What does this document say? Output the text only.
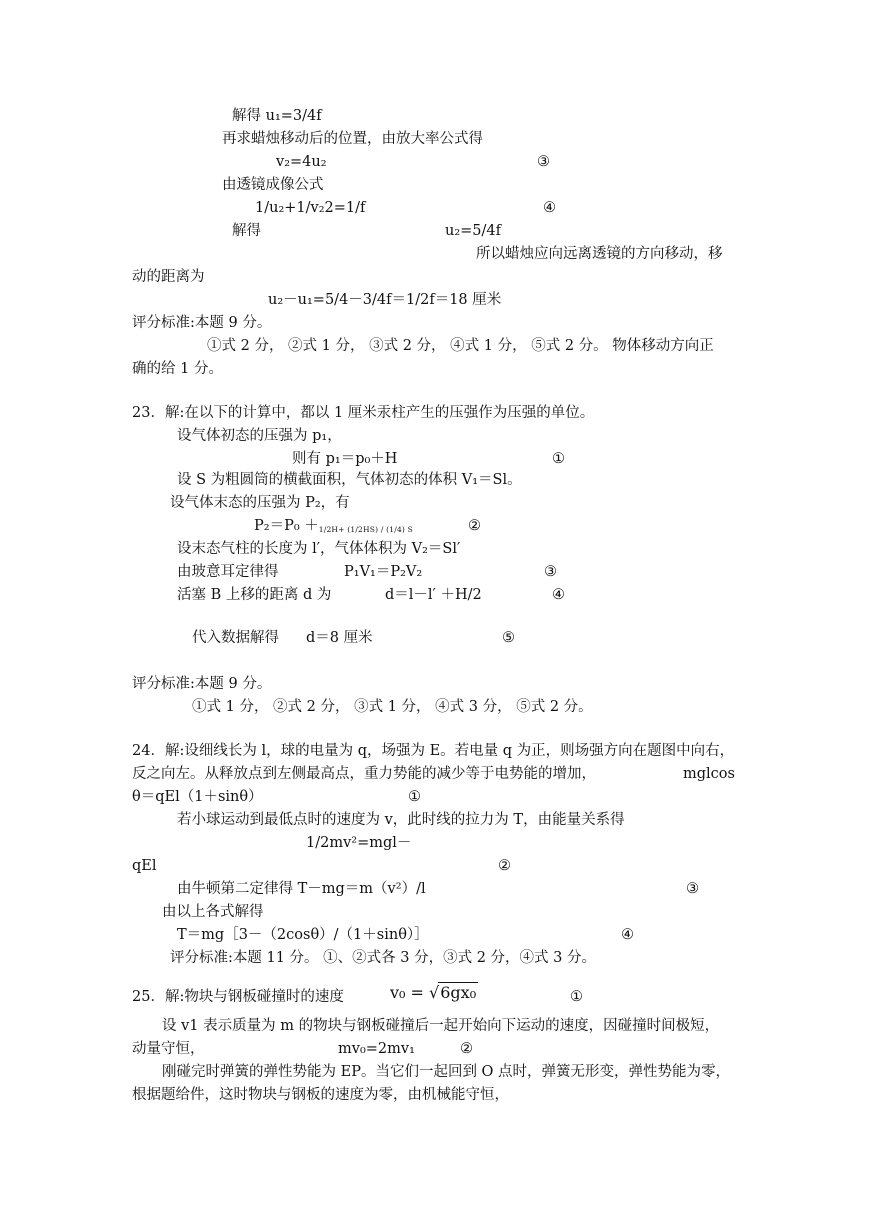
解得 u₁=3/4f
再求蜡烛移动后的位置，由放大率公式得
v₂=4u₂	③
由透镜成像公式
1/u₂+1/v₂2=1/f	④
解得	u₂=5/4f
所以蜡烛应向远离透镜的方向移动，移
动的距离为
u₂－u₁=5/4－3/4f＝1/2f＝18 厘米
评分标准:本题 9 分。
①式 2 分， ②式 1 分， ③式 2 分， ④式 1 分， ⑤式 2 分。 物体移动方向正
确的给 1 分。
23．解:在以下的计算中，都以 1 厘米汞柱产生的压强作为压强的单位。
设气体初态的压强为 p₁，
则有 p₁＝p₀＋H	①
设 S 为粗圆筒的横截面积，气体初态的体积 V₁＝Sl。
设气体末态的压强为 P₂，有
P₂＝P₀ ＋1/2H+ (1/2HS) / (1/4) S	②
设末态气柱的长度为 l′，气体体积为 V₂＝Sl′
由玻意耳定律得	P₁V₁＝P₂V₂	③
活塞 B 上移的距离 d 为	d＝l－l′ ＋H/2	④
代入数据解得 d＝8 厘米	⑤
评分标准:本题 9 分。
①式 1 分， ②式 2 分， ③式 1 分， ④式 3 分， ⑤式 2 分。
24．解:设细线长为 l，球的电量为 q，场强为 E。若电量 q 为正，则场强方向在题图中向右，
反之向左。从释放点到左侧最高点，重力势能的减少等于电势能的增加，	mglcos
θ＝qEl（1＋sinθ）	①
若小球运动到最低点时的速度为 v，此时线的拉力为 T，由能量关系得
1/2mv²=mgl－
qEl	②
由牛顿第二定律得 T－mg＝m（v²）/l	③
由以上各式解得
T＝mg［3－（2cosθ）/（1＋sinθ）］	④
评分标准:本题 11 分。 ①、②式各 3 分，③式 2 分，④式 3 分。
25．解:物块与钢板碰撞时的速度	v₀ = √6gx₀	①
设 v1 表示质量为 m 的物块与钢板碰撞后一起开始向下运动的速度，因碰撞时间极短，
动量守恒，	mv₀=2mv₁	②
刚碰完时弹簧的弹性势能为 EP。当它们一起回到 O 点时，弹簧无形变，弹性势能为零，
根据题给件，这时物块与钢板的速度为零，由机械能守恒，
